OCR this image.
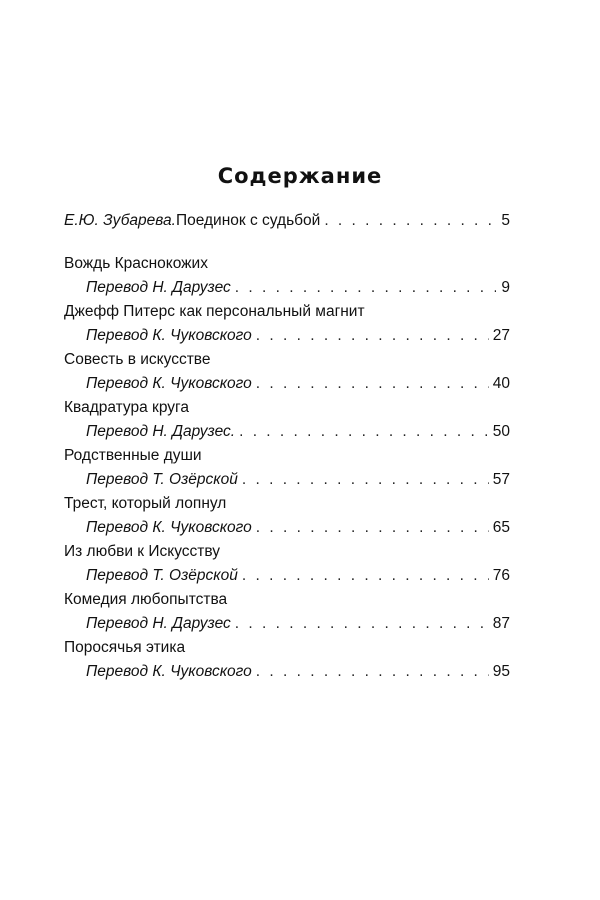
Содержание
Е.Ю. Зубарева. Поединок с судьбой . . .	5
Вождь Краснокожих
Перевод Н. Дарузес . . .	9
Джефф Питерс как персональный магнит
Перевод К. Чуковского . . .	27
Совесть в искусстве
Перевод К. Чуковского . . .	40
Квадратура круга
Перевод Н. Дарузес. . . .	50
Родственные души
Перевод Т. Озёрской . . .	57
Трест, который лопнул
Перевод К. Чуковского . . .	65
Из любви к Искусству
Перевод Т. Озёрской . . .	76
Комедия любопытства
Перевод Н. Дарузес . . .	87
Поросячья этика
Перевод К. Чуковского . . .	95
